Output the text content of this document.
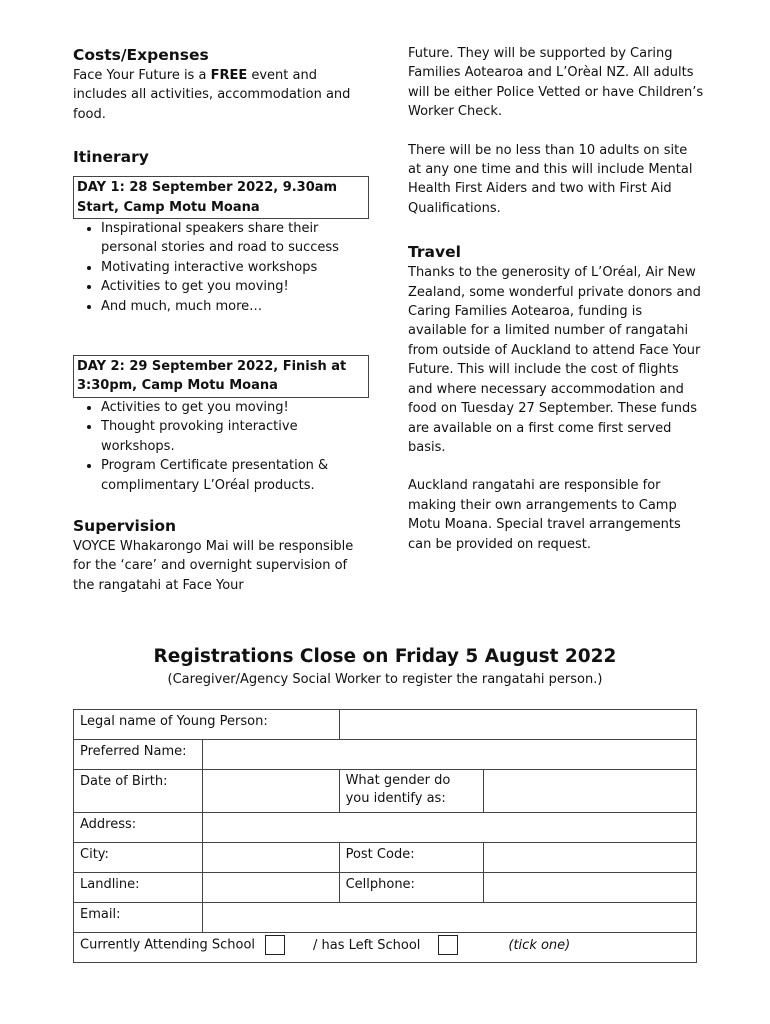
Costs/Expenses

Face Your Future is a FREE event and includes all activities, accommodation and food.

Itinerary
DAY 1: 28 September 2022, 9.30am Start, Camp Motu Moana
• Inspirational speakers share their personal stories and road to success
• Motivating interactive workshops
• Activities to get you moving!
• And much, much more…
DAY 2: 29 September 2022, Finish at 3:30pm, Camp Motu Moana
• Activities to get you moving!
• Thought provoking interactive workshops.
• Program Certificate presentation & complimentary L’Oréal products.
Supervision

VOYCE Whakarongo Mai will be responsible for the ‘care’ and overnight supervision of the rangatahi at Face Your

Future. They will be supported by Caring Families Aotearoa and L’Orèal NZ. All adults will be either Police Vetted or have Children’s Worker Check.

There will be no less than 10 adults on site at any one time and this will include Mental Health First Aiders and two with First Aid Qualifications.

Travel

Thanks to the generosity of L’Oréal, Air New Zealand, some wonderful private donors and Caring Families Aotearoa, funding is available for a limited number of rangatahi from outside of Auckland to attend Face Your Future. This will include the cost of flights and where necessary accommodation and food on Tuesday 27 September. These funds are available on a first come first served basis.

Auckland rangatahi are responsible for making their own arrangements to Camp Motu Moana. Special travel arrangements can be provided on request.

Registrations Close on Friday 5 August 2022
(Caregiver/Agency Social Worker to register the rangatahi person.)
Legal name of Young Person:			
Preferred Name:			
Date of Birth:		What gender do you identify as:	
Address:			
City:		Post Code:	
Landline:		Cellphone:	
Email:			
Currently Attending School / has Left School (tick one)			
